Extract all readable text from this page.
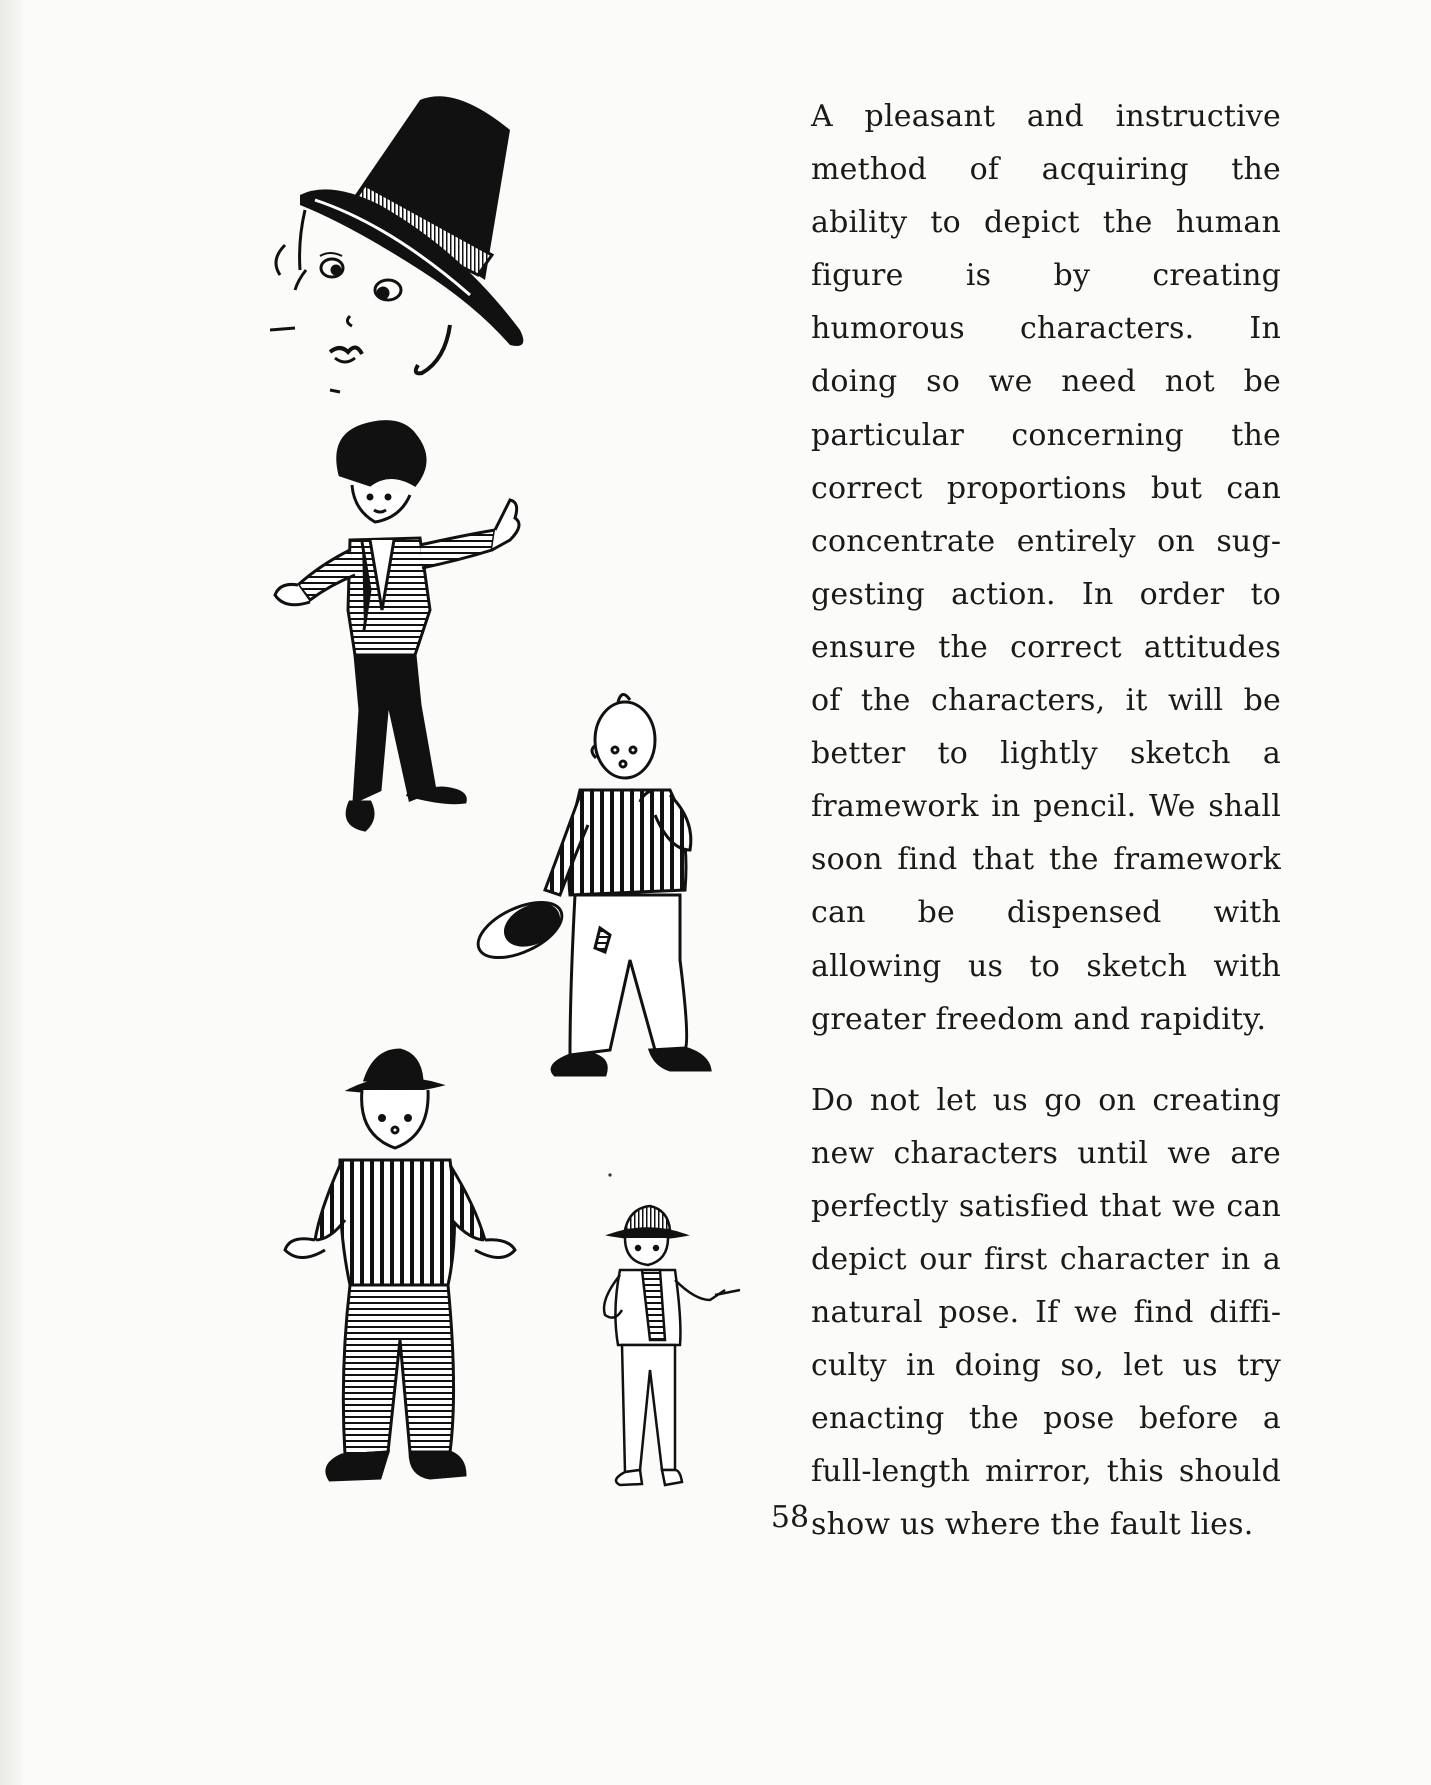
A pleasant and instructive method of acquiring the ability to depict the human figure is by creating humorous characters. In doing so we need not be particular concerning the correct proportions but can concentrate entirely on suggesting action. In order to ensure the correct attitudes of the characters, it will be better to lightly sketch a framework in pencil. We shall soon find that the framework can be dispensed with allowing us to sketch with greater freedom and rapidity.

Do not let us go on creating new characters until we are perfectly satisfied that we can depict our first character in a natural pose. If we find difficulty in doing so, let us try enacting the pose before a full-length mirror, this should show us where the fault lies.

58
